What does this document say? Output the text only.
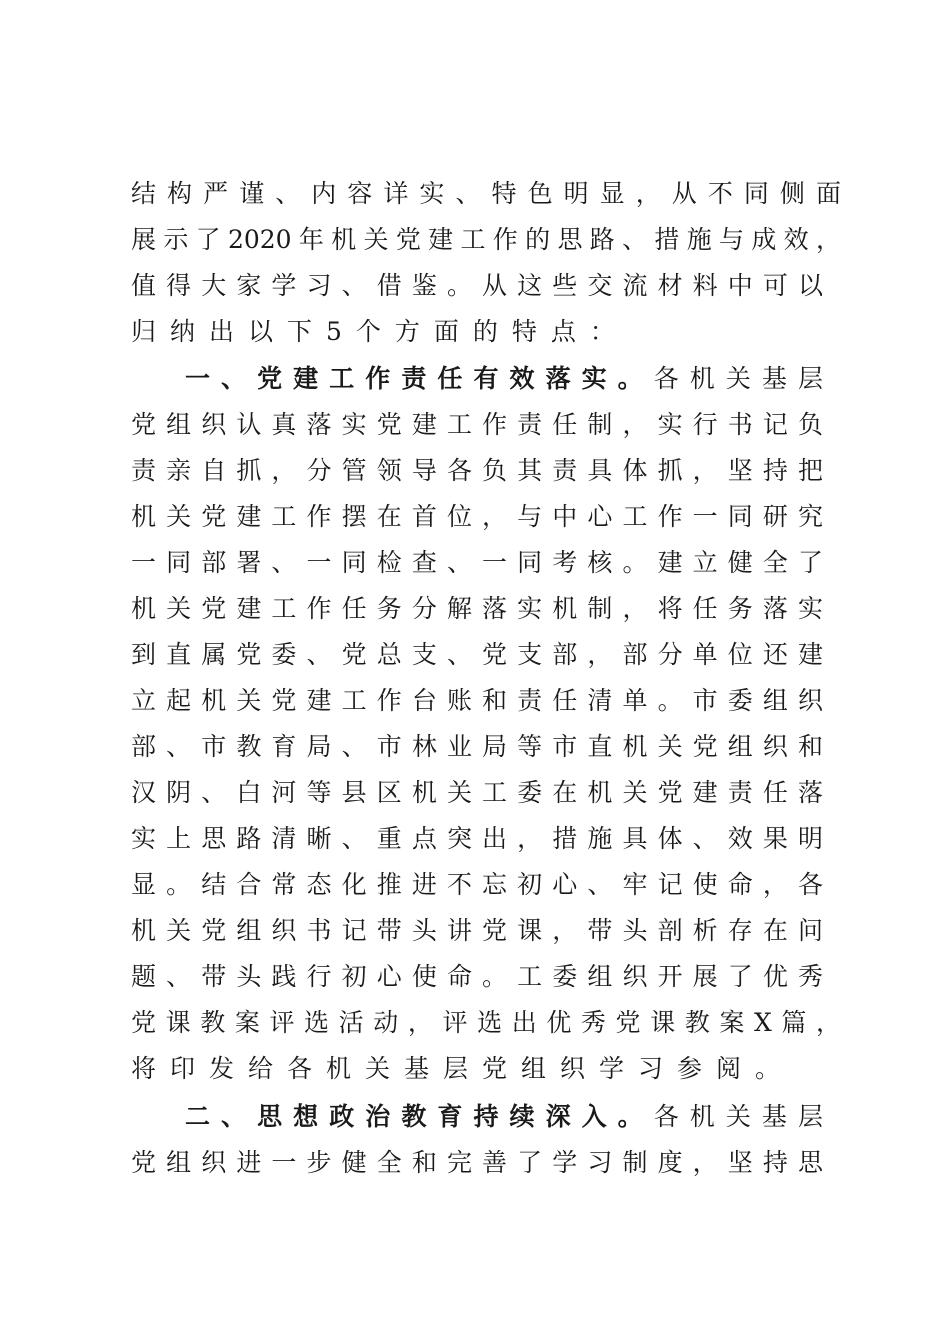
结构严谨、内容详实、特色明显，从不同侧面
展示了2020年机关党建工作的思路、措施与成效，
值得大家学习、借鉴。从这些交流材料中可以
归纳出以下5个方面的特点：
一、党建工作责任有效落实。各机关基层
党组织认真落实党建工作责任制，实行书记负
责亲自抓，分管领导各负其责具体抓，坚持把
机关党建工作摆在首位，与中心工作一同研究
一同部署、一同检查、一同考核。建立健全了
机关党建工作任务分解落实机制，将任务落实
到直属党委、党总支、党支部，部分单位还建
立起机关党建工作台账和责任清单。市委组织
部、市教育局、市林业局等市直机关党组织和
汉阴、白河等县区机关工委在机关党建责任落
实上思路清晰、重点突出，措施具体、效果明
显。结合常态化推进不忘初心、牢记使命，各
机关党组织书记带头讲党课，带头剖析存在问
题、带头践行初心使命。工委组织开展了优秀
党课教案评选活动，评选出优秀党课教案X篇，
将印发给各机关基层党组织学习参阅。
二、思想政治教育持续深入。各机关基层
党组织进一步健全和完善了学习制度，坚持思
